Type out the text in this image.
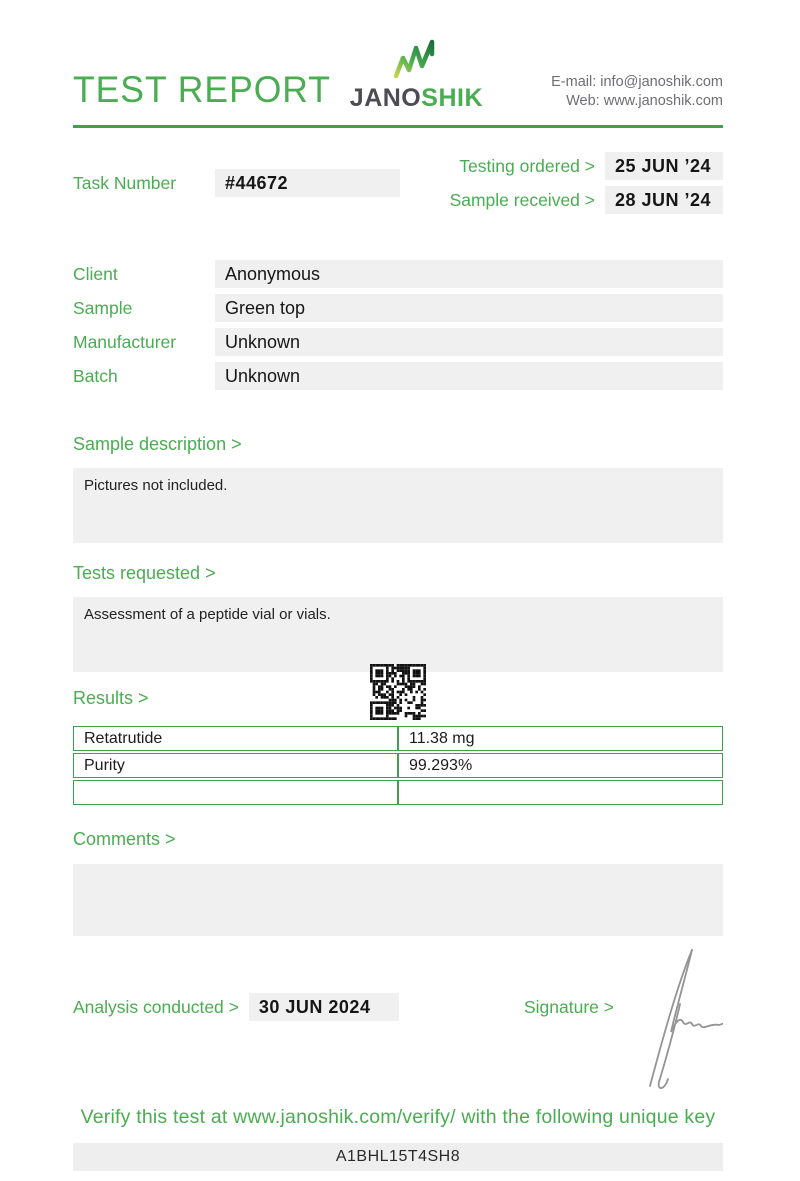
TEST REPORT JANOSHIK
E-mail: info@janoshik.com
Web: www.janoshik.com
Task Number	#44672
Testing ordered >	25 JUN ’24
Sample received >	28 JUN ’24
Client	Anonymous
Sample	Green top
Manufacturer	Unknown
Batch	Unknown
Sample description >
Pictures not included.
Tests requested >
Assessment of a peptide vial or vials.
Results >
Retatrutide	11.38 mg
Purity	99.293%

Comments >
Analysis conducted >	30 JUN 2024	Signature >
Verify this test at www.janoshik.com/verify/ with the following unique key
A1BHL15T4SH8
